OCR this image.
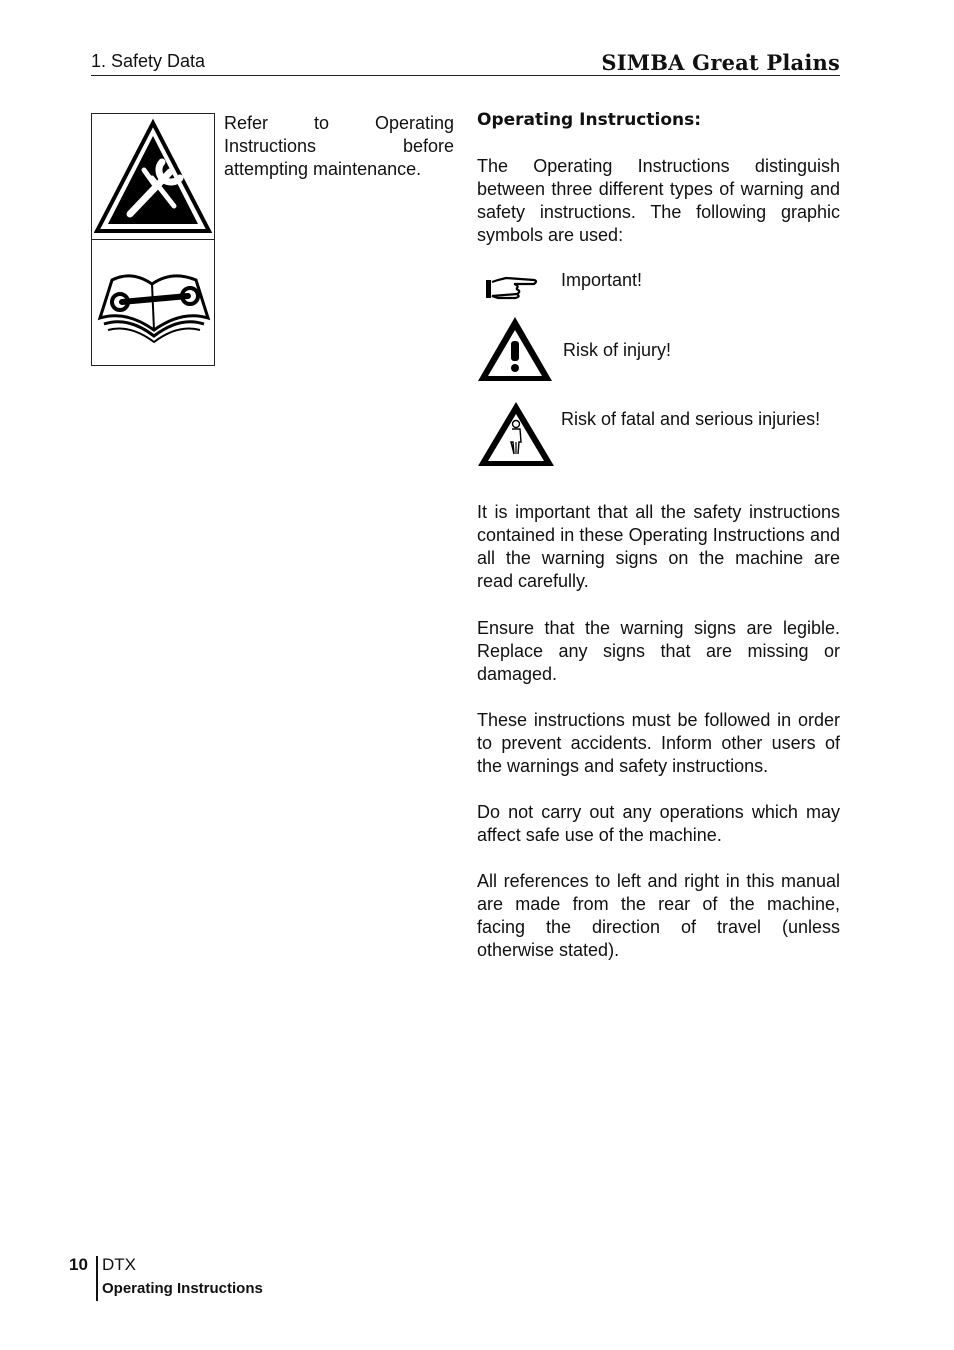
1. Safety Data	SIMBA Great Plains
Refer	to	Operating
Instructions	before
attempting maintenance.
Operating Instructions:
The Operating Instructions distinguish between three different types of warning and safety instructions. The following graphic symbols are used:
Important!
Risk of injury!
Risk of fatal and serious injuries!
It is important that all the safety instructions contained in these Operating Instructions and all the warning signs on the machine are read carefully.
Ensure that the warning signs are legible. Replace any signs that are missing or damaged.
These instructions must be followed in order to prevent accidents. Inform other users of the warnings and safety instructions.
Do not carry out any operations which may affect safe use of the machine.
All references to left and right in this manual are made from the rear of the machine, facing the direction of travel (unless otherwise stated).
10 DTX
Operating Instructions
